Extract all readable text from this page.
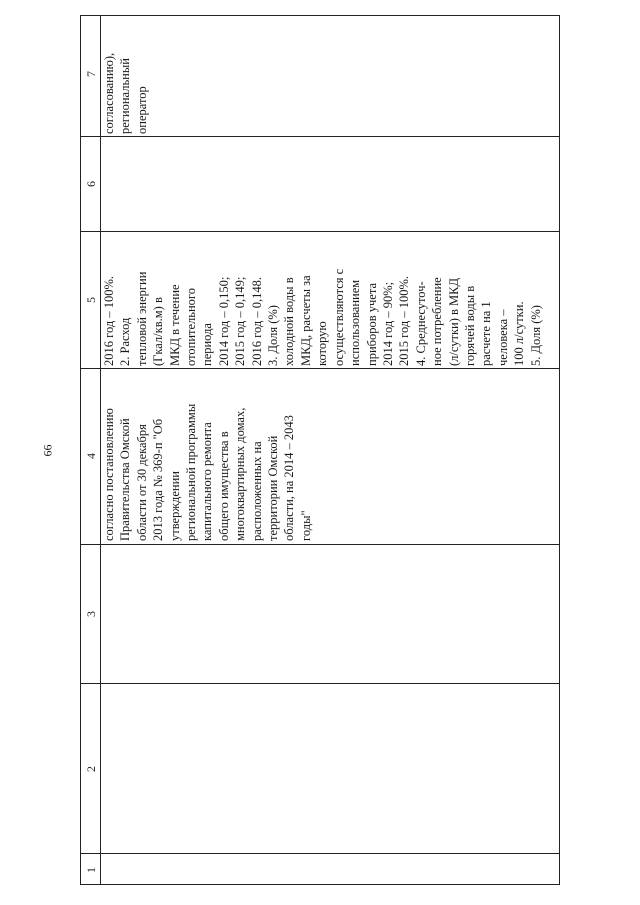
66
7
6
5
4
3
2
1
согласно постановлению Правительства Омской области от 30 декабря 2013 года № 369-п "Об утверждении региональной программы капитального ремонта общего имущества в многоквартирных домах, расположенных на территории Омской области, на 2014 – 2043 годы"
2016 год – 100%. 2. Расход тепловой энергии (Гкал/кв.м) в МКД в течение отопительного периода 2014 год – 0,150; 2015 год – 0,149; 2016 год – 0,148. 3. Доля (%) холодной воды в МКД, расчеты за которую осуществляются с использованием приборов учета 2014 год – 90%; 2015 год – 100%. 4. Среднесуточ- ное потребление (л/сутки) в МКД горячей воды в расчете на 1 человека – 100 л/сутки. 5. Доля (%)
согласованию), региональный оператор
